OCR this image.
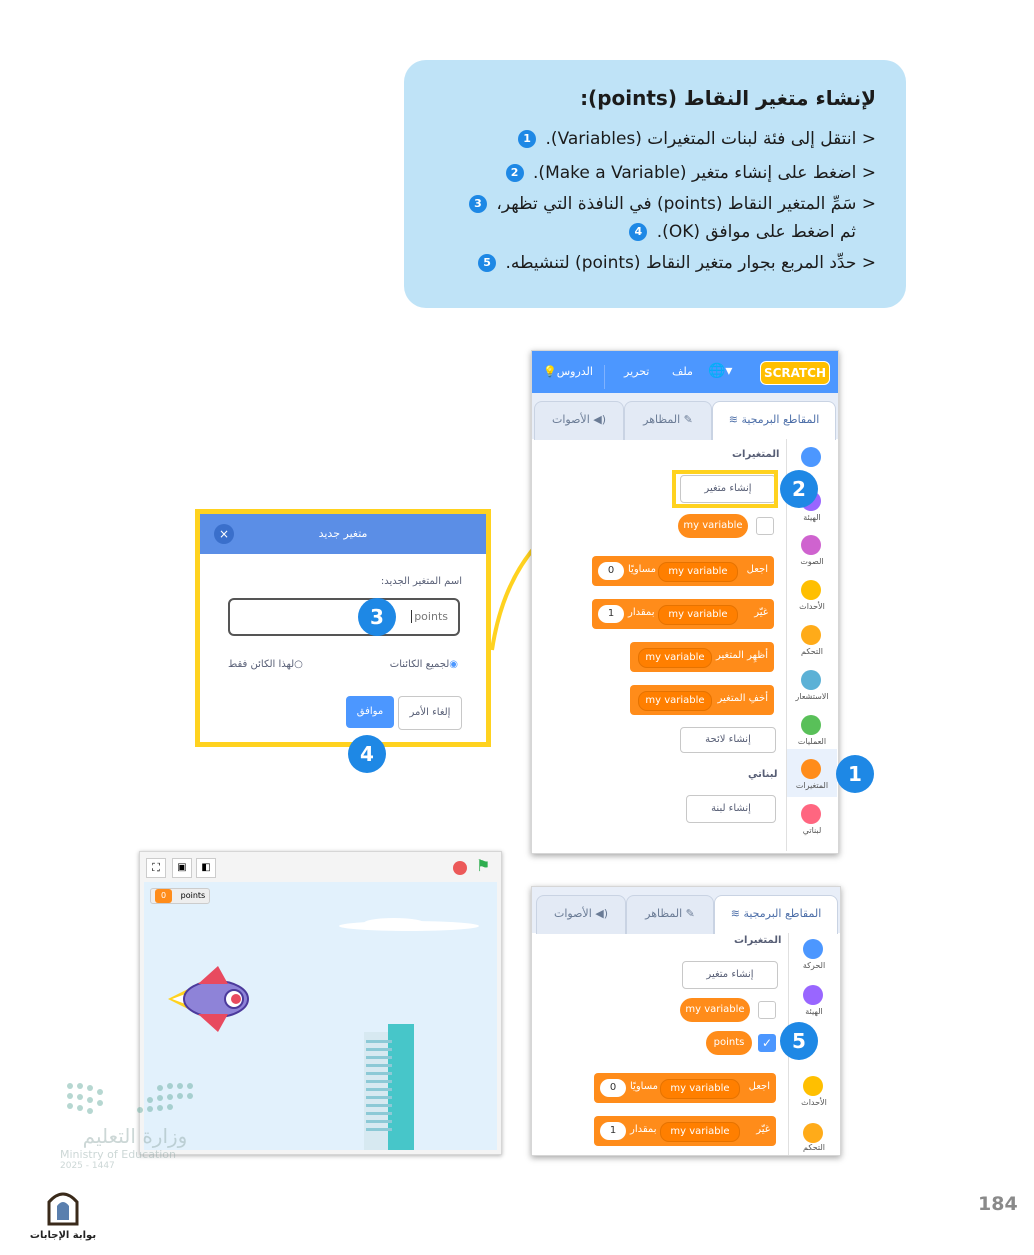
لإنشاء متغير النقاط (points):
< انتقل إلى فئة لبنات المتغيرات (Variables). 1
< اضغط على إنشاء متغير (Make a Variable). 2
< سَمِّ المتغير النقاط (points) في النافذة التي تظهر، 3
ثم اضغط على موافق (OK). 4
< حدِّد المربع بجوار متغير النقاط (points) لتنشيطه. 5
SCRATCH
🌐▾
ملف
تحرير
💡الدروس
≋ المقاطع البرمجية
المظاهر ✎
الأصوات ◀)
الهيئة
الصوت
الأحداث
التحكم
الاستشعار
العمليات
المتغيرات
لبناتي
المتغيرات
إنشاء متغير
my variable
اجعل
my variable
مساويًا
0
غيّر
my variable
بمقدار
1
أظهِر المتغير
my variable
أخفِ المتغير
my variable
إنشاء لائحة
لبناتي
إنشاء لبنة
متغير جديد
×
اسم المتغير الجديد:
points
◉لجميع الكائنات
○لهذا الكائن فقط
إلغاء الأمر
موافق
⛶	▣	◧	⚑
0 points
≋ المقاطع البرمجية
المظاهر ✎
الأصوات ◀)
الحركة
الهيئة
الأحداث
التحكم
المتغيرات
إنشاء متغير
my variable
points	✓
اجعل
my variable
مساويًا
0
غيّر
my variable
بمقدار
1
2
1
3
4
5
وزارة التعليم
Ministry of Education
2025 - 1447
بوابة الإجابات
184
